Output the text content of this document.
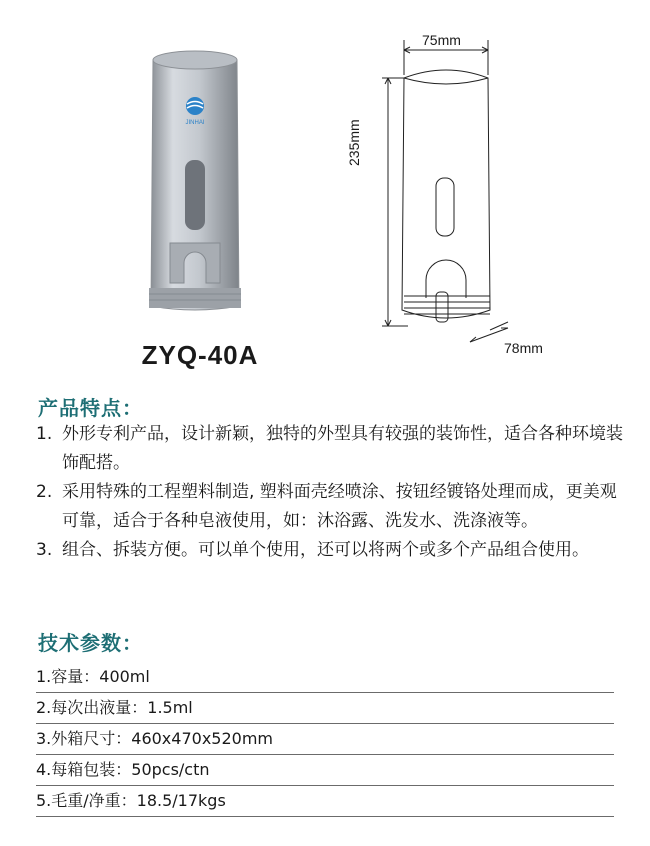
JINHAI
ZYQ-40A
75mm
235mm
78mm
产品特点：
1. 外形专利产品，设计新颖，独特的外型具有较强的装饰性，适合各种环境装饰配搭。
2. 采用特殊的工程塑料制造, 塑料面壳经喷涂、按钮经镀铬处理而成，更美观可靠，适合于各种皂液使用，如：沐浴露、洗发水、洗涤液等。
3. 组合、拆装方便。可以单个使用，还可以将两个或多个产品组合使用。
技术参数：
1.容量：400ml
2.每次出液量：1.5ml
3.外箱尺寸：460x470x520mm
4.每箱包装：50pcs/ctn
5.毛重/净重：18.5/17kgs
